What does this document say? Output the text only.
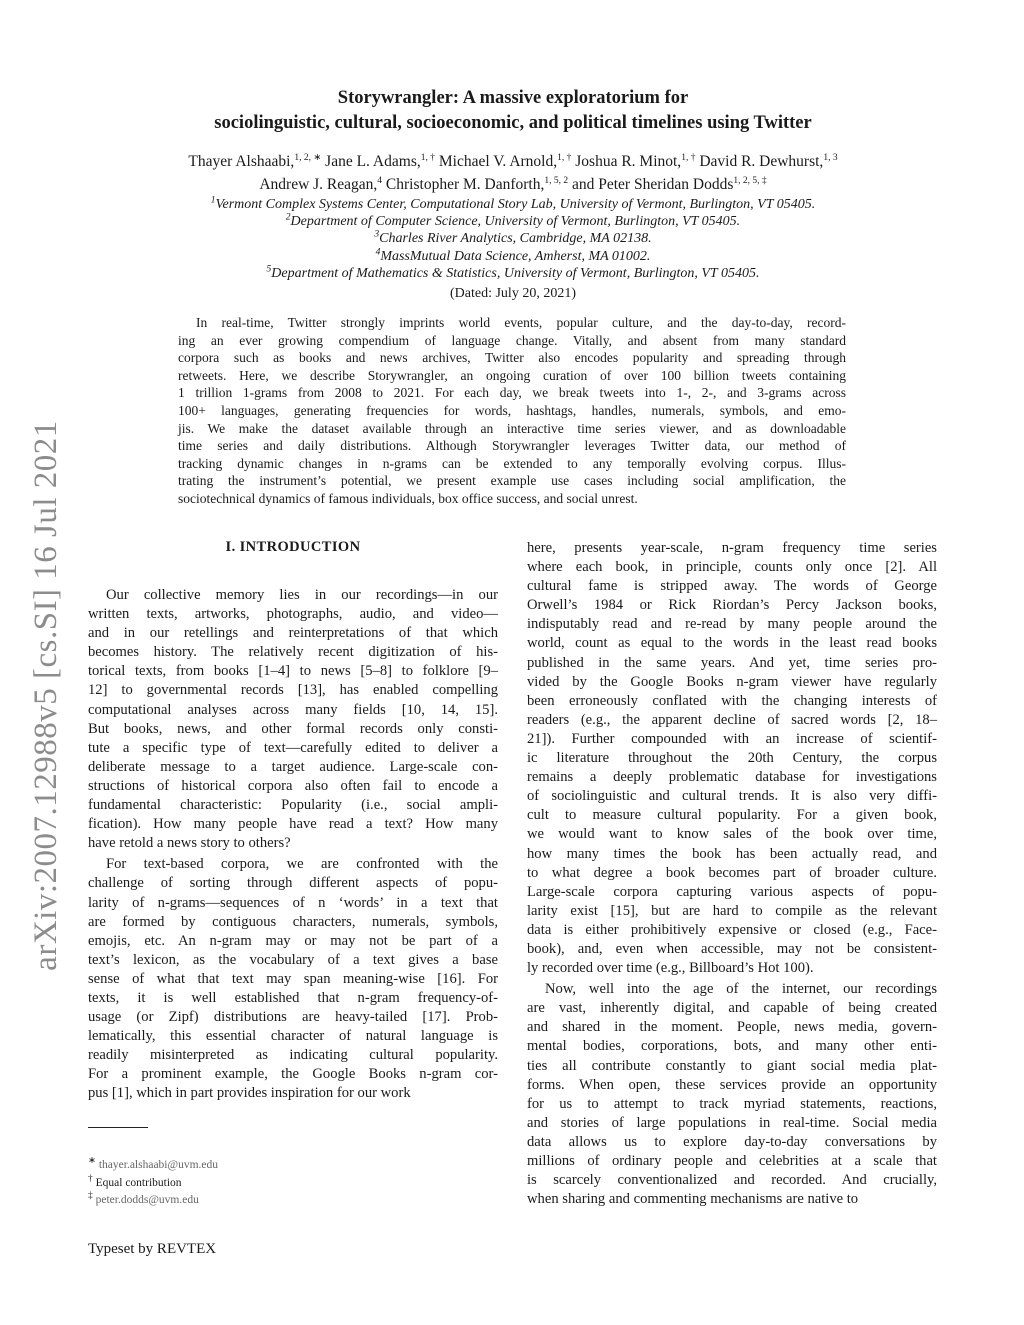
arXiv:2007.12988v5 [cs.SI] 16 Jul 2021
Storywrangler: A massive exploratorium for
sociolinguistic, cultural, socioeconomic, and political timelines using Twitter
Thayer Alshaabi,$^{1, 2, ∗}$ Jane L. Adams,$^{1, \dagger}$ Michael V. Arnold,$^{1, \dagger}$ Joshua R. Minot,$^{1, \dagger}$ David R. Dewhurst,$^{1, 3}$
Andrew J. Reagan,$^4$ Christopher M. Danforth,$^{1, 5, 2}$ and Peter Sheridan Dodds$^{1, 2, 5, \ddagger}$
$^1$Vermont Complex Systems Center, Computational Story Lab, University of Vermont, Burlington, VT 05405.
$^2$Department of Computer Science, University of Vermont, Burlington, VT 05405.
$^3$Charles River Analytics, Cambridge, MA 02138.
$^4$MassMutual Data Science, Amherst, MA 01002.
$^5$Department of Mathematics & Statistics, University of Vermont, Burlington, VT 05405.
(Dated: July 20, 2021)
In real-time, Twitter strongly imprints world events, popular culture, and the day-to-day, record-
ing an ever growing compendium of language change. Vitally, and absent from many standard
corpora such as books and news archives, Twitter also encodes popularity and spreading through
retweets. Here, we describe Storywrangler, an ongoing curation of over 100 billion tweets containing
1 trillion 1-grams from 2008 to 2021. For each day, we break tweets into 1-, 2-, and 3-grams across
100+ languages, generating frequencies for words, hashtags, handles, numerals, symbols, and emo-
jis. We make the dataset available through an interactive time series viewer, and as downloadable
time series and daily distributions. Although Storywrangler leverages Twitter data, our method of
tracking dynamic changes in n-grams can be extended to any temporally evolving corpus. Illus-
trating the instrument’s potential, we present example use cases including social amplification, the
sociotechnical dynamics of famous individuals, box office success, and social unrest.
I. INTRODUCTION
Our collective memory lies in our recordings—in our
written texts, artworks, photographs, audio, and video—
and in our retellings and reinterpretations of that which
becomes history. The relatively recent digitization of his-
torical texts, from books [1–4] to news [5–8] to folklore [9–
12] to governmental records [13], has enabled compelling
computational analyses across many fields [10, 14, 15].
But books, news, and other formal records only consti-
tute a specific type of text—carefully edited to deliver a
deliberate message to a target audience. Large-scale con-
structions of historical corpora also often fail to encode a
fundamental characteristic: Popularity (i.e., social ampli-
fication). How many people have read a text? How many
have retold a news story to others?
For text-based corpora, we are confronted with the
challenge of sorting through different aspects of popu-
larity of n-grams—sequences of n ‘words’ in a text that
are formed by contiguous characters, numerals, symbols,
emojis, etc. An n-gram may or may not be part of a
text’s lexicon, as the vocabulary of a text gives a base
sense of what that text may span meaning-wise [16]. For
texts, it is well established that n-gram frequency-of-
usage (or Zipf) distributions are heavy-tailed [17]. Prob-
lematically, this essential character of natural language is
readily misinterpreted as indicating cultural popularity.
For a prominent example, the Google Books n-gram cor-
pus [1], which in part provides inspiration for our work
here, presents year-scale, n-gram frequency time series
where each book, in principle, counts only once [2]. All
cultural fame is stripped away. The words of George
Orwell’s 1984 or Rick Riordan’s Percy Jackson books,
indisputably read and re-read by many people around the
world, count as equal to the words in the least read books
published in the same years. And yet, time series pro-
vided by the Google Books n-gram viewer have regularly
been erroneously conflated with the changing interests of
readers (e.g., the apparent decline of sacred words [2, 18–
21]). Further compounded with an increase of scientif-
ic literature throughout the 20th Century, the corpus
remains a deeply problematic database for investigations
of sociolinguistic and cultural trends. It is also very diffi-
cult to measure cultural popularity. For a given book,
we would want to know sales of the book over time,
how many times the book has been actually read, and
to what degree a book becomes part of broader culture.
Large-scale corpora capturing various aspects of popu-
larity exist [15], but are hard to compile as the relevant
data is either prohibitively expensive or closed (e.g., Face-
book), and, even when accessible, may not be consistent-
ly recorded over time (e.g., Billboard’s Hot 100).
Now, well into the age of the internet, our recordings
are vast, inherently digital, and capable of being created
and shared in the moment. People, news media, govern-
mental bodies, corporations, bots, and many other enti-
ties all contribute constantly to giant social media plat-
forms. When open, these services provide an opportunity
for us to attempt to track myriad statements, reactions,
and stories of large populations in real-time. Social media
data allows us to explore day-to-day conversations by
millions of ordinary people and celebrities at a scale that
is scarcely conventionalized and recorded. And crucially,
when sharing and commenting mechanisms are native to
∗ thayer.alshaabi@uvm.edu
† Equal contribution
‡ peter.dodds@uvm.edu
Typeset by REVTEX
